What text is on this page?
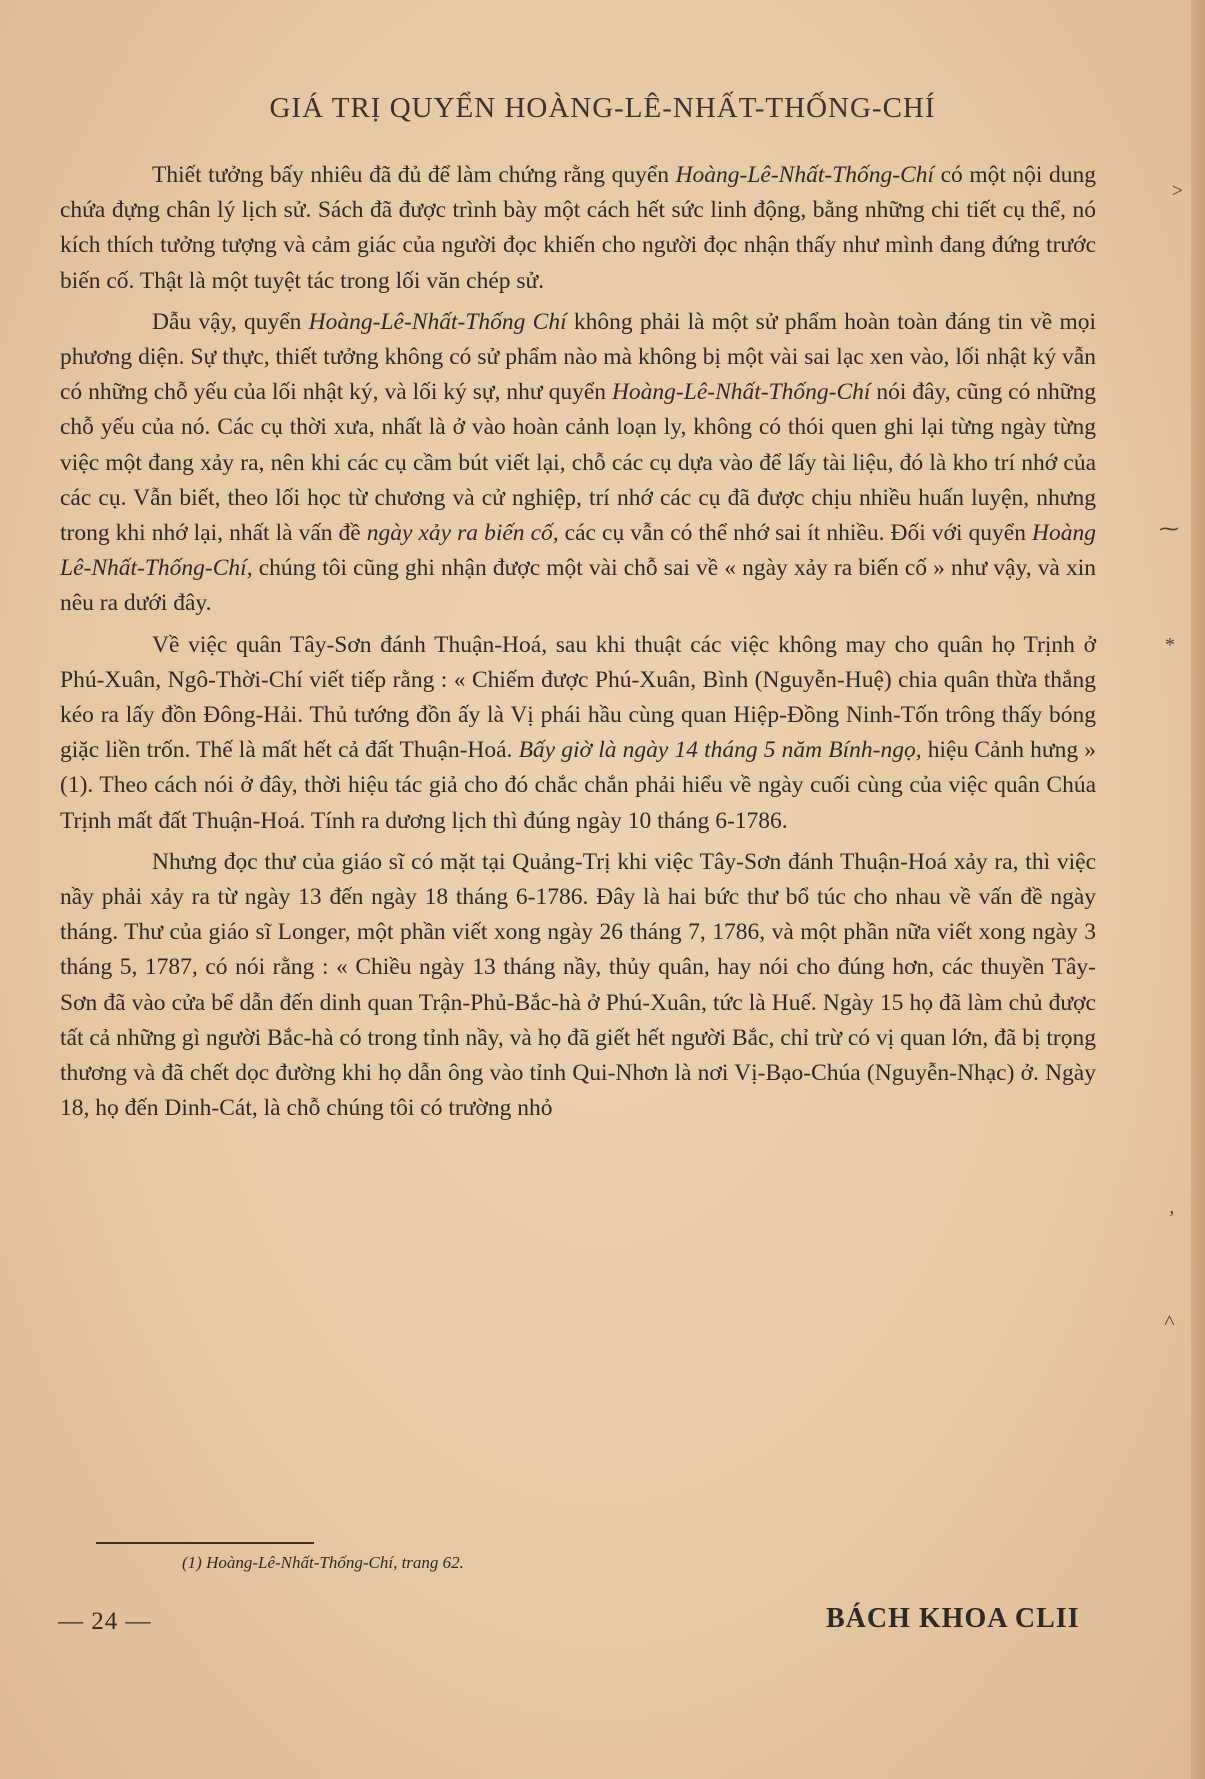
GIÁ TRỊ QUYỂN HOÀNG-LÊ-NHẤT-THỐNG-CHÍ

Thiết tưởng bấy nhiêu đã đủ để làm chứng rằng quyển Hoàng-Lê-Nhất-Thống-Chí có một nội dung chứa đựng chân lý lịch sử. Sách đã được trình bày một cách hết sức linh động, bằng những chi tiết cụ thể, nó kích thích tưởng tượng và cảm giác của người đọc khiến cho người đọc nhận thấy như mình đang đứng trước biến cố. Thật là một tuyệt tác trong lối văn chép sử.

Dẫu vậy, quyển Hoàng-Lê-Nhất-Thống Chí không phải là một sử phẩm hoàn toàn đáng tin về mọi phương diện. Sự thực, thiết tưởng không có sử phẩm nào mà không bị một vài sai lạc xen vào, lối nhật ký vẫn có những chỗ yếu của lối nhật ký, và lối ký sự, như quyển Hoàng-Lê-Nhất-Thống-Chí nói đây, cũng có những chỗ yếu của nó. Các cụ thời xưa, nhất là ở vào hoàn cảnh loạn ly, không có thói quen ghi lại từng ngày từng việc một đang xảy ra, nên khi các cụ cầm bút viết lại, chỗ các cụ dựa vào để lấy tài liệu, đó là kho trí nhớ của các cụ. Vẫn biết, theo lối học từ chương và cử nghiệp, trí nhớ các cụ đã được chịu nhiều huấn luyện, nhưng trong khi nhớ lại, nhất là vấn đề ngày xảy ra biến cố, các cụ vẫn có thể nhớ sai ít nhiều. Đối với quyển Hoàng Lê-Nhất-Thống-Chí, chúng tôi cũng ghi nhận được một vài chỗ sai về « ngày xảy ra biến cố » như vậy, và xin nêu ra dưới đây.

Về việc quân Tây-Sơn đánh Thuận-Hoá, sau khi thuật các việc không may cho quân họ Trịnh ở Phú-Xuân, Ngô-Thời-Chí viết tiếp rằng : « Chiếm được Phú-Xuân, Bình (Nguyễn-Huệ) chia quân thừa thắng kéo ra lấy đồn Đông-Hải. Thủ tướng đồn ấy là Vị phái hầu cùng quan Hiệp-Đồng Ninh-Tốn trông thấy bóng giặc liền trốn. Thế là mất hết cả đất Thuận-Hoá. Bấy giờ là ngày 14 tháng 5 năm Bính-ngọ, hiệu Cảnh hưng » (1). Theo cách nói ở đây, thời hiệu tác giả cho đó chắc chắn phải hiểu về ngày cuối cùng của việc quân Chúa Trịnh mất đất Thuận-Hoá. Tính ra dương lịch thì đúng ngày 10 tháng 6-1786.

Nhưng đọc thư của giáo sĩ có mặt tại Quảng-Trị khi việc Tây-Sơn đánh Thuận-Hoá xảy ra, thì việc nầy phải xảy ra từ ngày 13 đến ngày 18 tháng 6-1786. Đây là hai bức thư bổ túc cho nhau về vấn đề ngày tháng. Thư của giáo sĩ Longer, một phần viết xong ngày 26 tháng 7, 1786, và một phần nữa viết xong ngày 3 tháng 5, 1787, có nói rằng : « Chiều ngày 13 tháng nầy, thủy quân, hay nói cho đúng hơn, các thuyền Tây-Sơn đã vào cửa bể dẫn đến dinh quan Trận-Phủ-Bắc-hà ở Phú-Xuân, tức là Huế. Ngày 15 họ đã làm chủ được tất cả những gì người Bắc-hà có trong tỉnh nầy, và họ đã giết hết người Bắc, chỉ trừ có vị quan lớn, đã bị trọng thương và đã chết dọc đường khi họ dẫn ông vào tỉnh Qui-Nhơn là nơi Vị-Bạo-Chúa (Nguyễn-Nhạc) ở. Ngày 18, họ đến Dinh-Cát, là chỗ chúng tôi có trường nhỏ

(1) Hoàng-Lê-Nhất-Thống-Chí, trang 62.
— 24 —	BÁCH KHOA CLII
˃
⁓
*
‚
˄
